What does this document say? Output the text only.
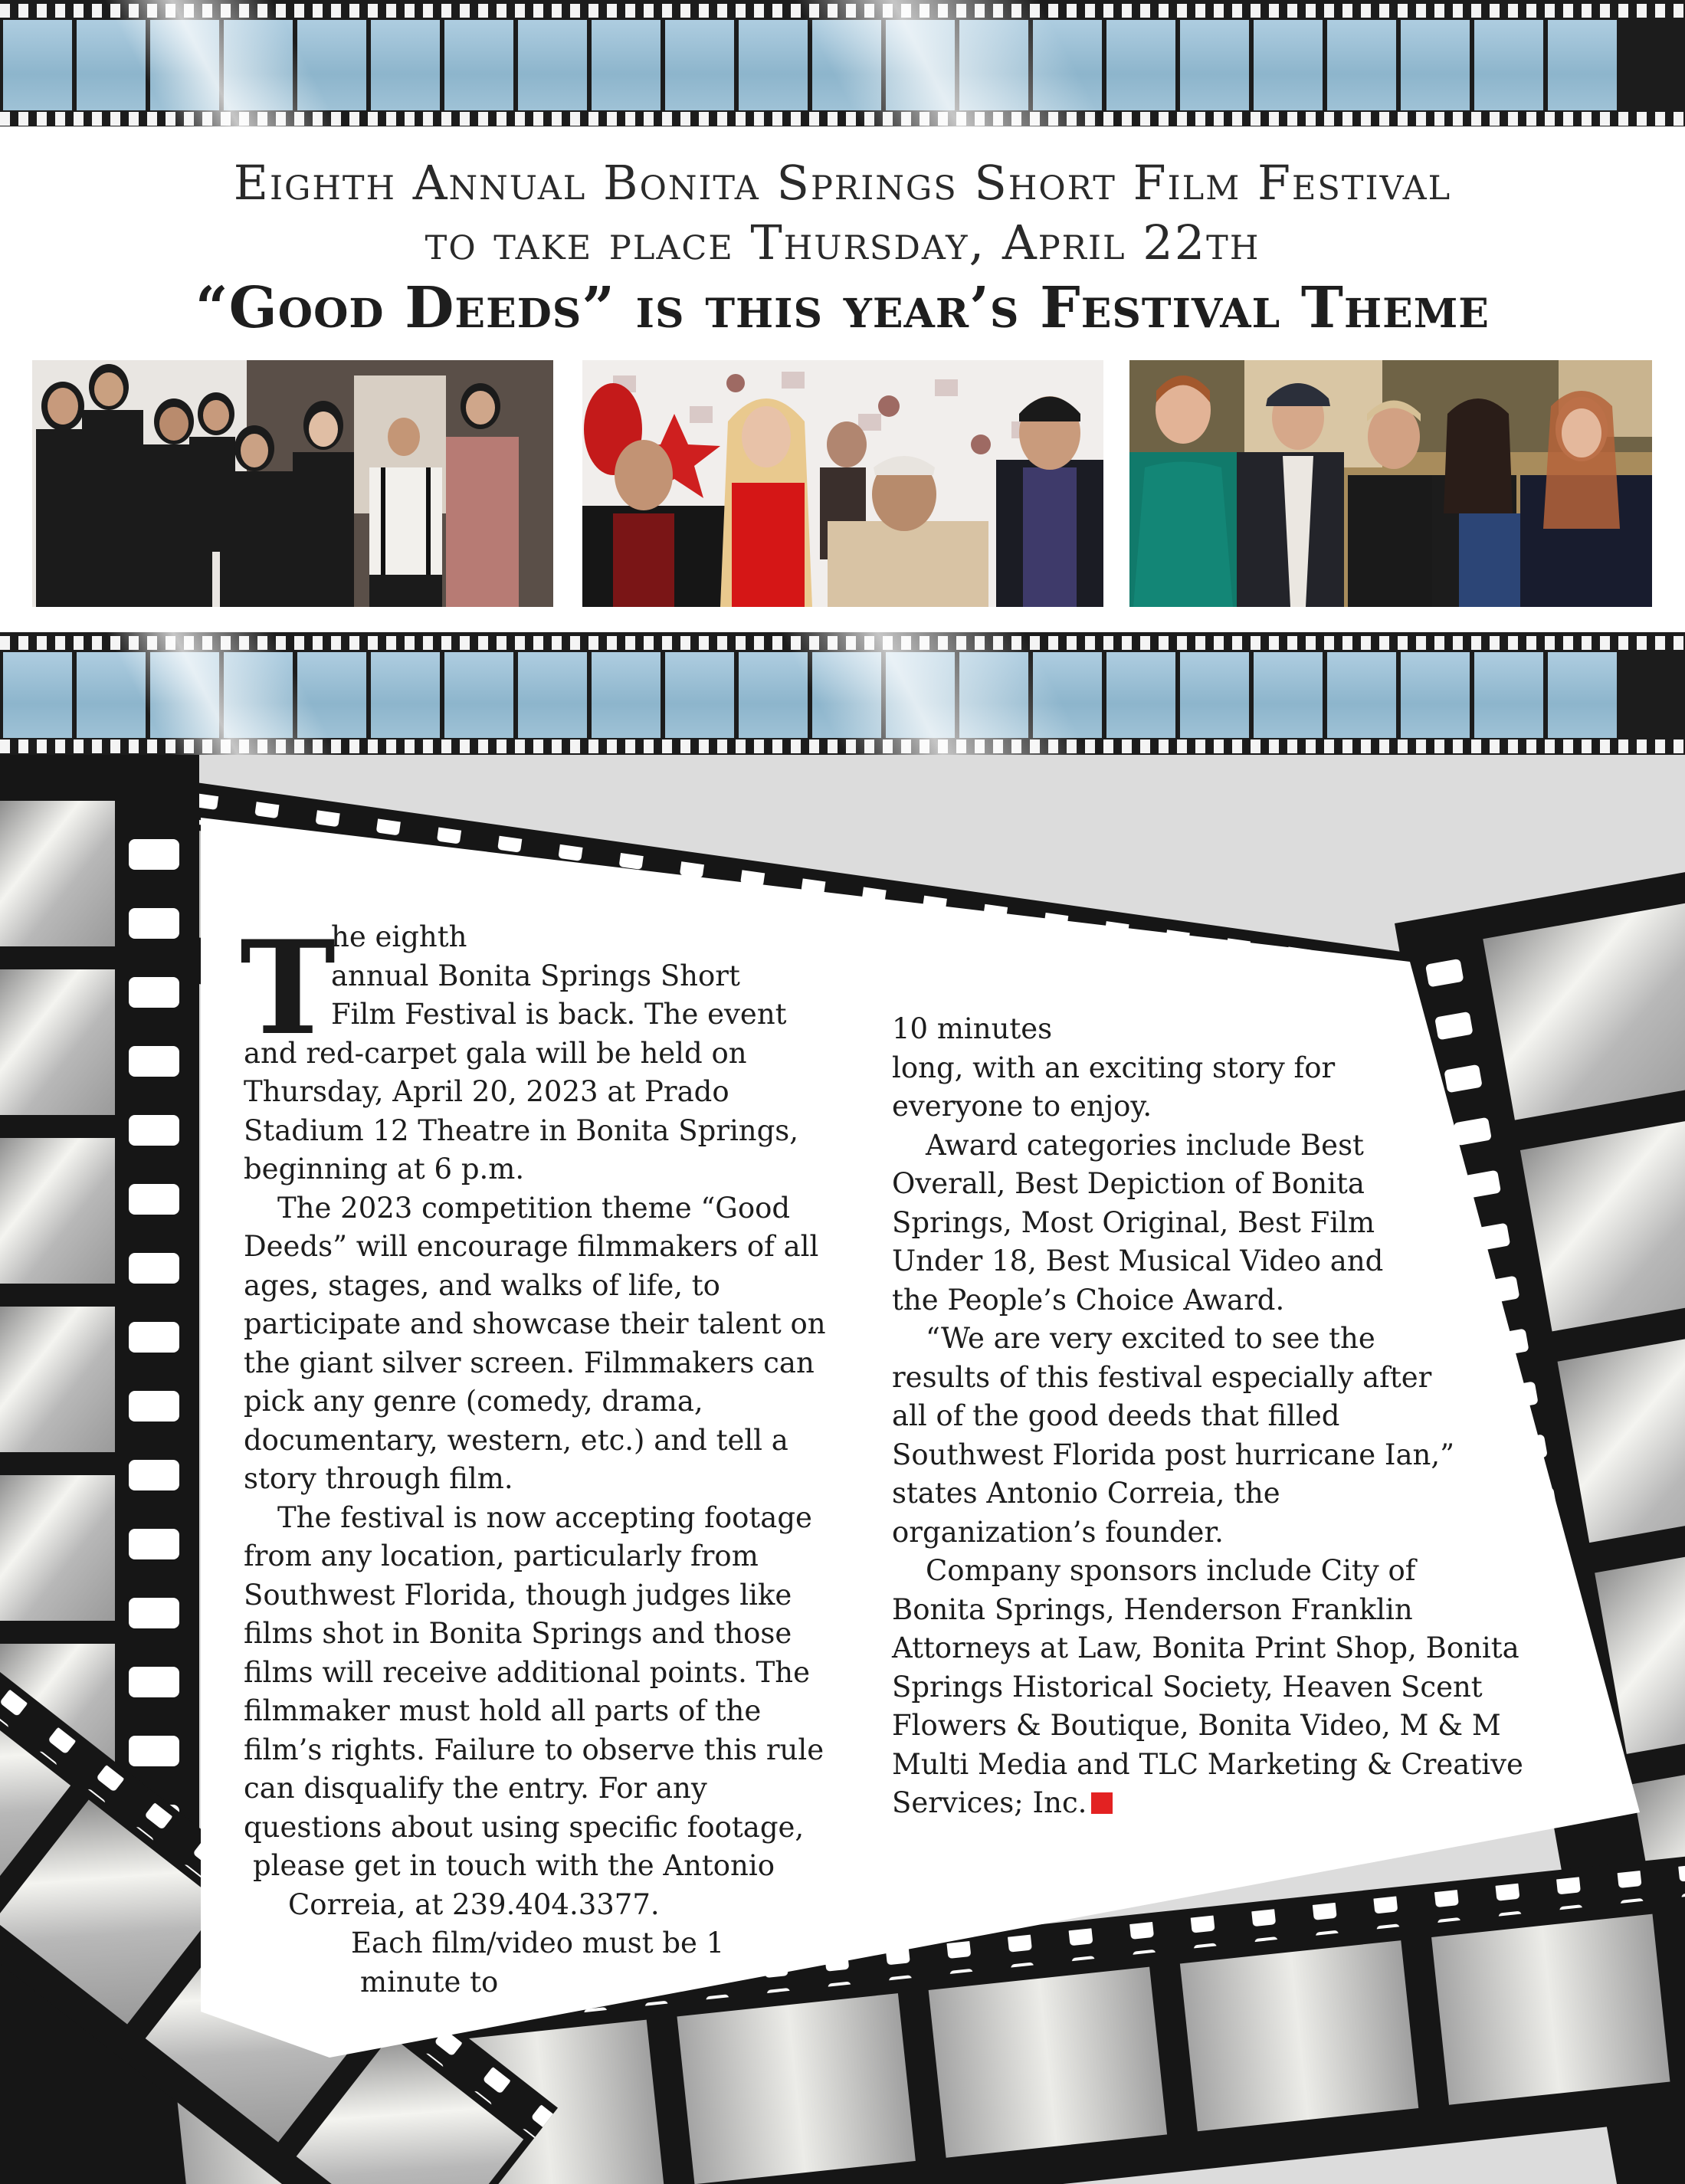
Eighth Annual Bonita Springs Short Film Festival

to take place Thursday, April 22th

“Good Deeds” is this year’s Festival Theme

T

he eighth

annual Bonita Springs Short

Film Festival is back. The event

and red-carpet gala will be held on

Thursday, April 20, 2023 at Prado

Stadium 12 Theatre in Bonita Springs,

beginning at 6 p.m.

The 2023 competition theme “Good

Deeds” will encourage filmmakers of all

ages, stages, and walks of life, to

participate and showcase their talent on

the giant silver screen. Filmmakers can

pick any genre (comedy, drama,

documentary, western, etc.) and tell a

story through film.

The festival is now accepting footage

from any location, particularly from

Southwest Florida, though judges like

films shot in Bonita Springs and those

films will receive additional points. The

filmmaker must hold all parts of the

film’s rights. Failure to observe this rule

can disqualify the entry. For any

questions about using specific footage,

please get in touch with the Antonio

Correia, at 239.404.3377.

Each film/video must be 1

minute to

10 minutes

long, with an exciting story for

everyone to enjoy.

Award categories include Best

Overall, Best Depiction of Bonita

Springs, Most Original, Best Film

Under 18, Best Musical Video and

the People’s Choice Award.

“We are very excited to see the

results of this festival especially after

all of the good deeds that filled

Southwest Florida post hurricane Ian,”

states Antonio Correia, the

organization’s founder.

Company sponsors include City of

Bonita Springs, Henderson Franklin

Attorneys at Law, Bonita Print Shop, Bonita

Springs Historical Society, Heaven Scent

Flowers & Boutique, Bonita Video, M & M

Multi Media and TLC Marketing & Creative

Services; Inc.
